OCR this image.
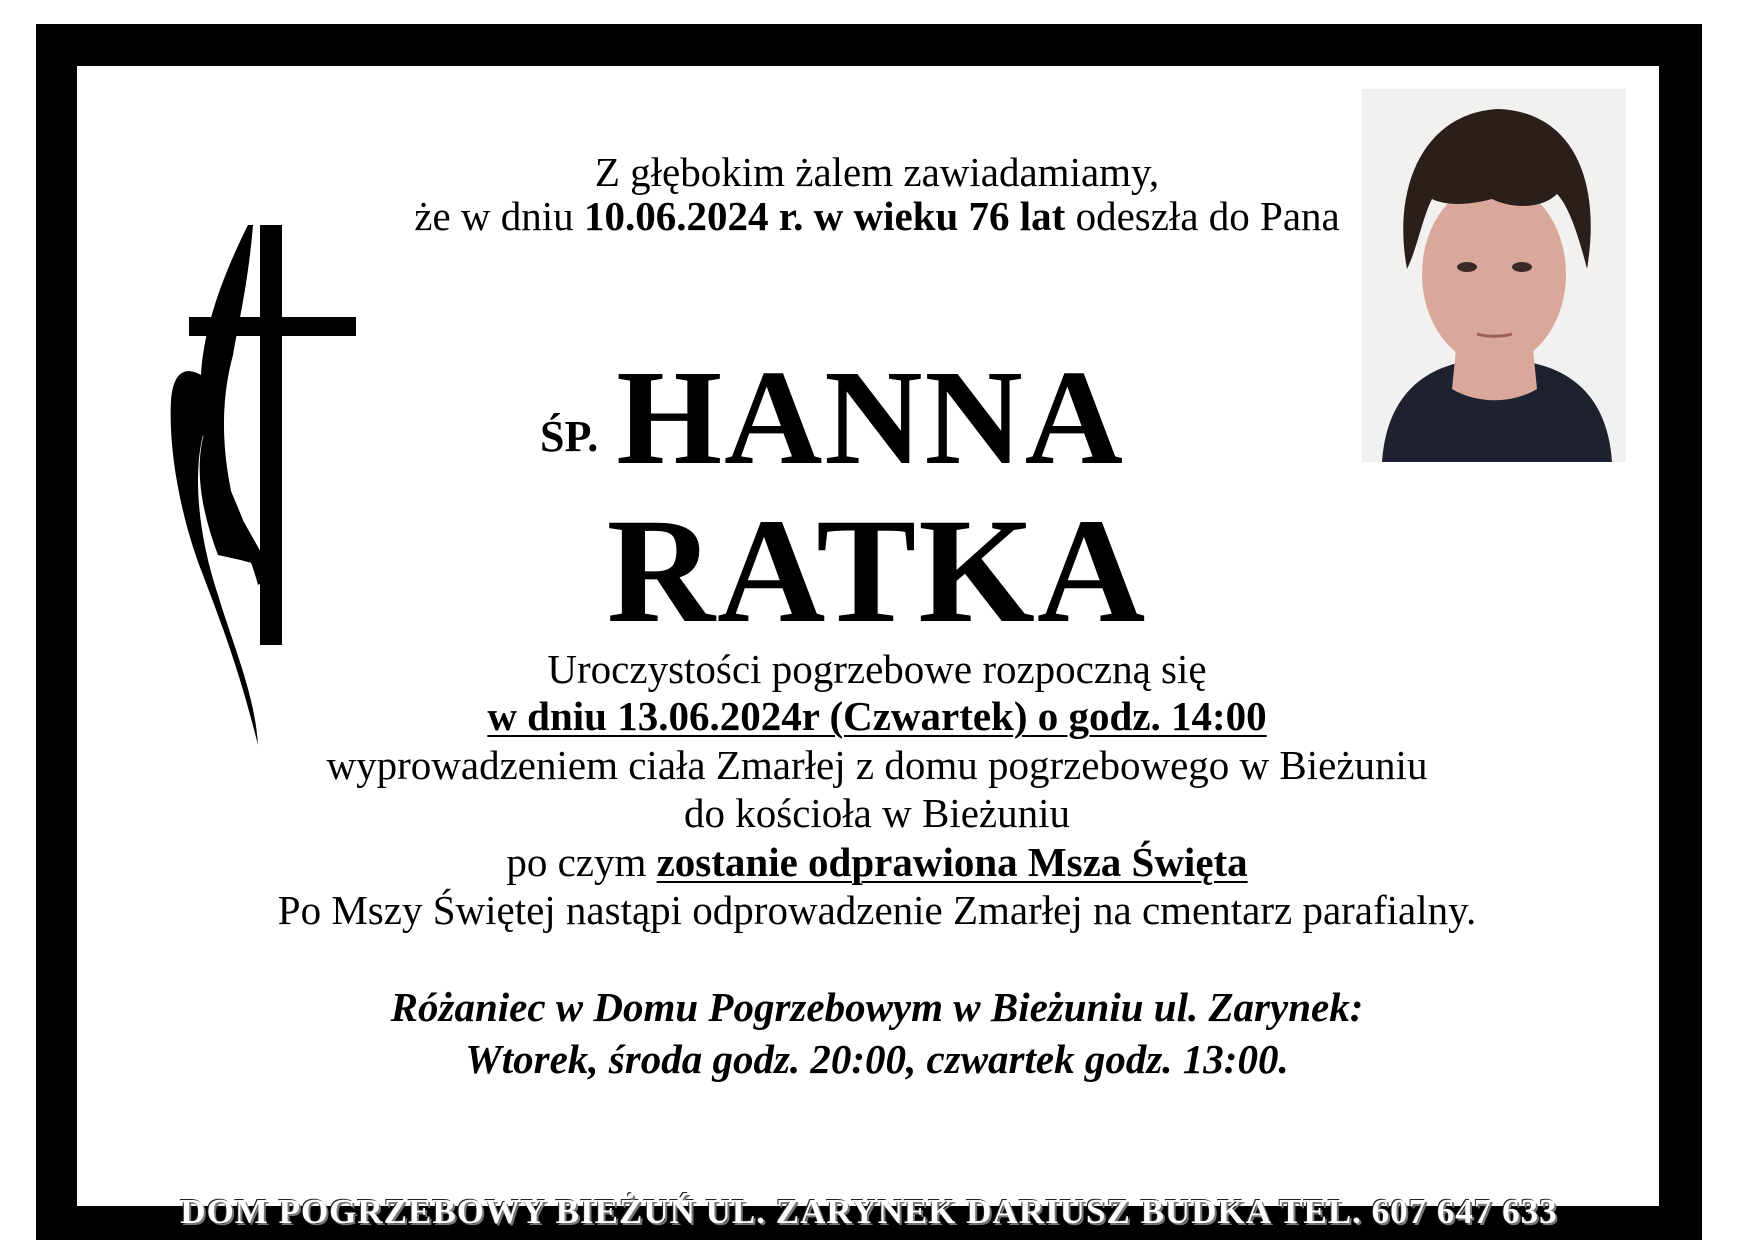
Z głębokim żalem zawiadamiamy,
że w dniu 10.06.2024 r. w wieku 76 lat odeszła do Pana
ŚP. HANNA
RATKA
Uroczystości pogrzebowe rozpoczną się
w dniu 13.06.2024r (Czwartek) o godz. 14:00
wyprowadzeniem ciała Zmarłej z domu pogrzebowego w Bieżuniu
do kościoła w Bieżuniu
po czym zostanie odprawiona Msza Święta
Po Mszy Świętej nastąpi odprowadzenie Zmarłej na cmentarz parafialny.
Różaniec w Domu Pogrzebowym w Bieżuniu ul. Zarynek:
Wtorek, środa godz. 20:00, czwartek godz. 13:00.
DOM POGRZEBOWY BIEŻUŃ UL. ZARYNEK DARIUSZ BUDKA TEL. 607 647 633
